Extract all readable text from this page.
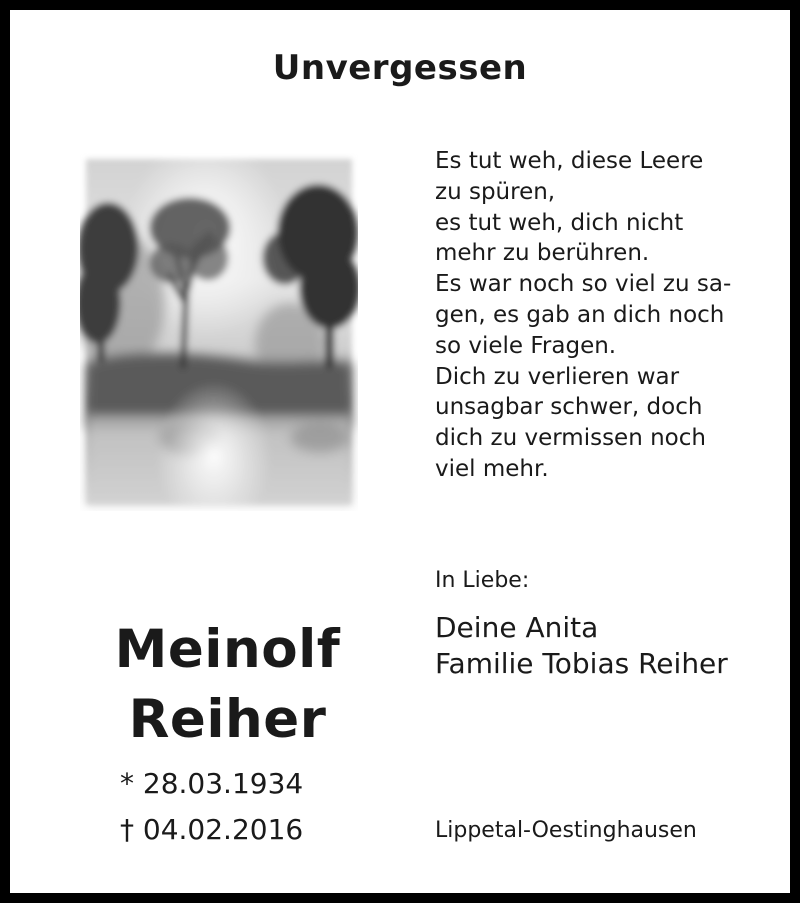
Unvergessen
Es tut weh, diese Leere
zu spüren,
es tut weh, dich nicht
mehr zu berühren.
Es war noch so viel zu sa-
gen, es gab an dich noch
so viele Fragen.
Dich zu verlieren war
unsagbar schwer, doch
dich zu vermissen noch
viel mehr.
In Liebe:
Deine Anita
Familie Tobias Reiher
Meinolf
Reiher
* 28.03.1934
† 04.02.2016	Lippetal-Oestinghausen
